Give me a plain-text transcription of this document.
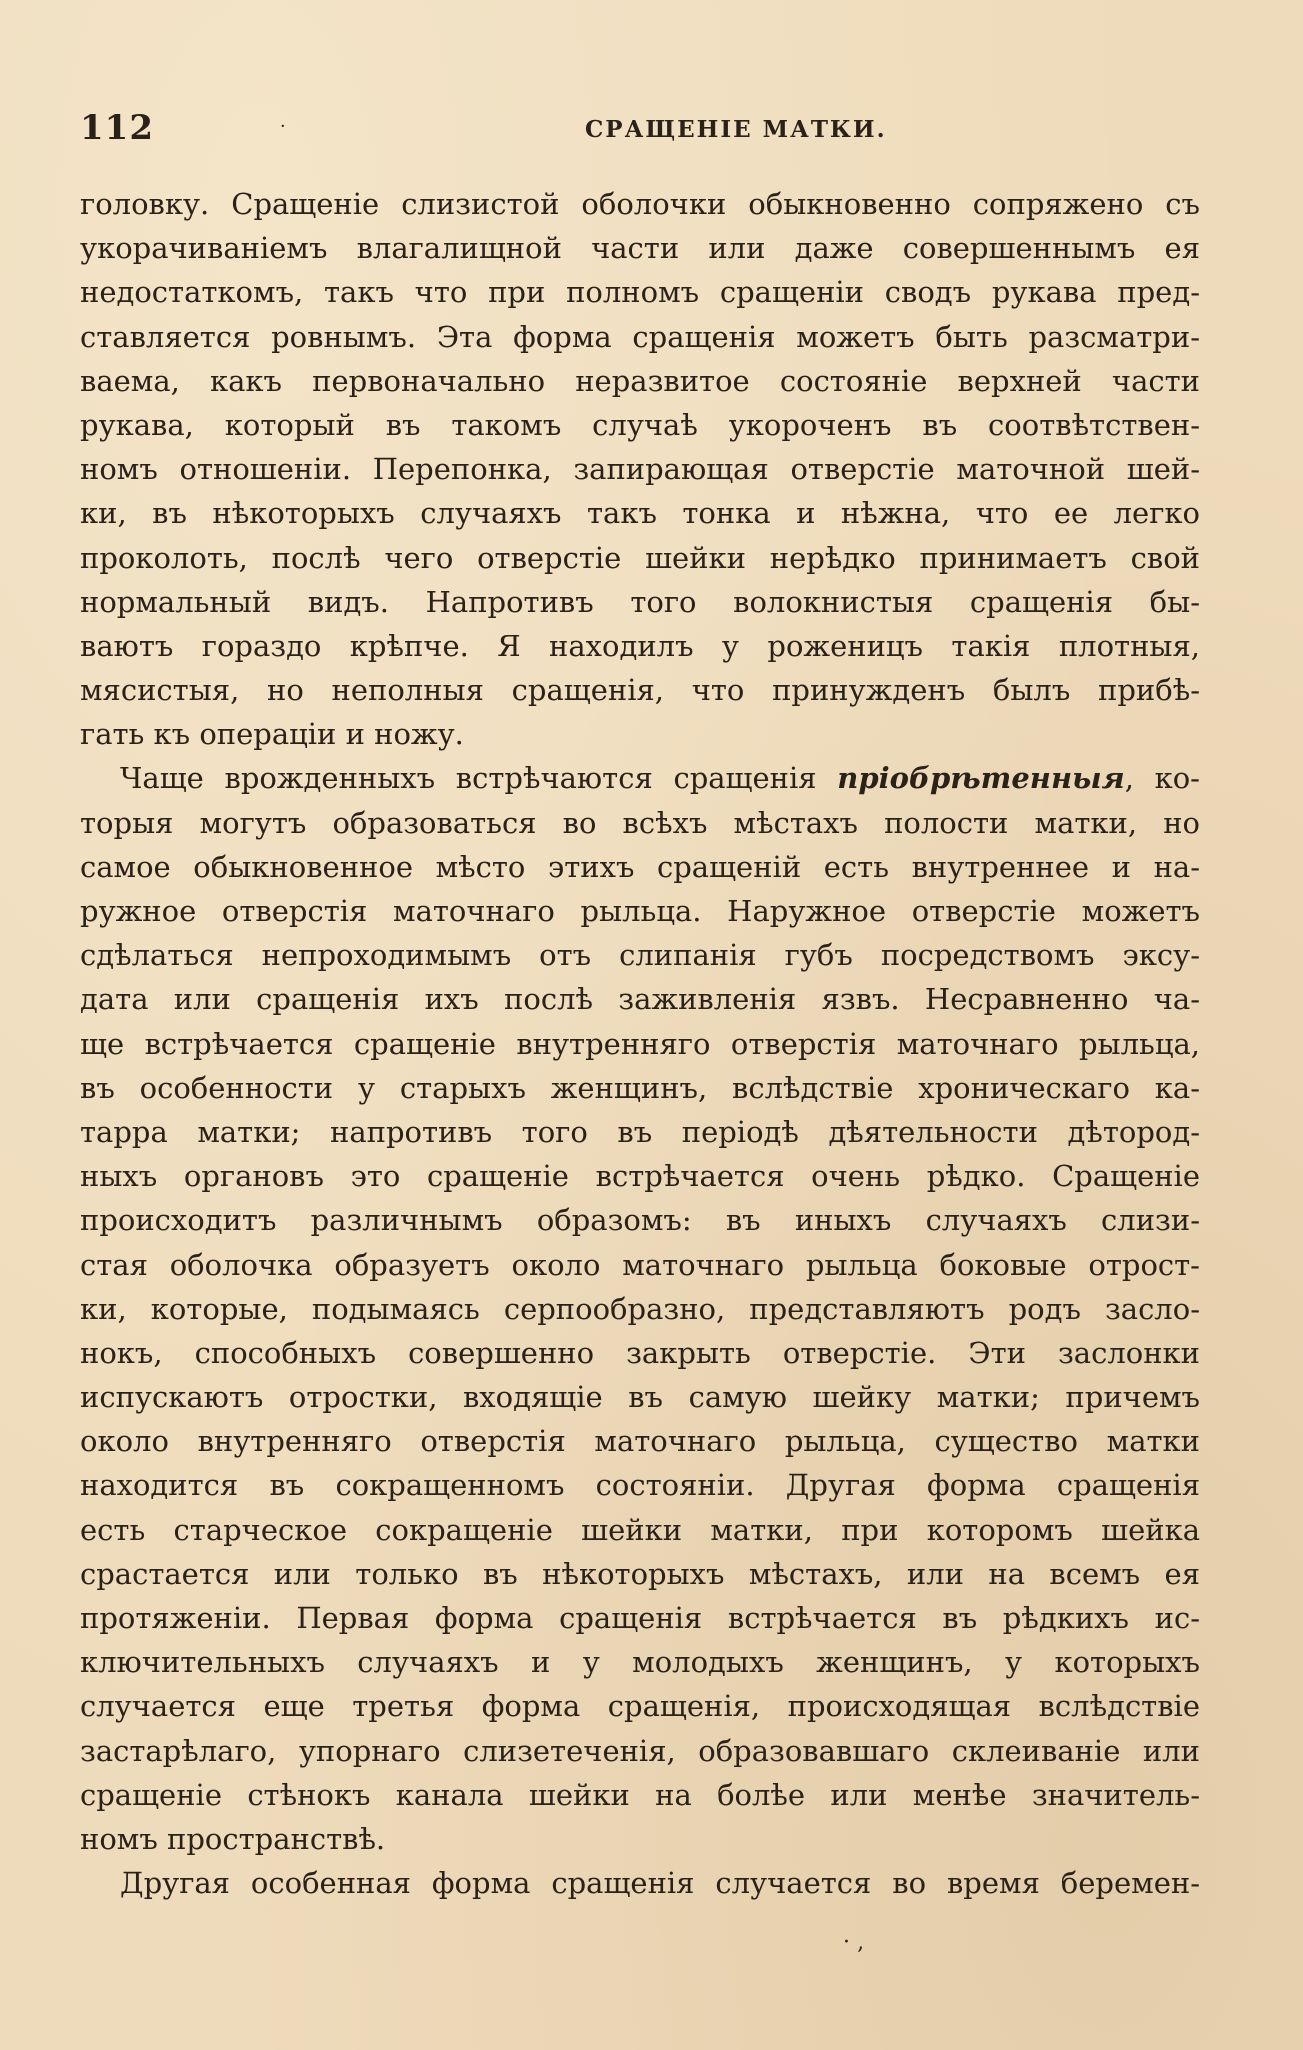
112	·	СРАЩЕНІЕ МАТКИ.

головку. Сращеніе слизистой оболочки обыкновенно сопряжено съ
укорачиваніемъ влагалищной части или даже совершеннымъ ея
недостаткомъ, такъ что при полномъ сращеніи сводъ рукава пред-
ставляется ровнымъ. Эта форма сращенія можетъ быть разсматри-
ваема, какъ первоначально неразвитое состояніе верхней части
рукава, который въ такомъ случаѣ укороченъ въ соотвѣтствен-
номъ отношеніи. Перепонка, запирающая отверстіе маточной шей-
ки, въ нѣкоторыхъ случаяхъ такъ тонка и нѣжна, что ее легко
проколоть, послѣ чего отверстіе шейки нерѣдко принимаетъ свой
нормальный видъ. Напротивъ того волокнистыя сращенія бы-
ваютъ гораздо крѣпче. Я находилъ у роженицъ такія плотныя,
мясистыя, но неполныя сращенія, что принужденъ былъ прибѣ-
гать къ операціи и ножу.

Чаще врожденныхъ встрѣчаются сращенія пріобрѣтенныя, ко-
торыя могутъ образоваться во всѣхъ мѣстахъ полости матки, но
самое обыкновенное мѣсто этихъ сращеній есть внутреннее и на-
ружное отверстія маточнаго рыльца. Наружное отверстіе можетъ
сдѣлаться непроходимымъ отъ слипанія губъ посредствомъ эксу-
дата или сращенія ихъ послѣ заживленія язвъ. Несравненно ча-
ще встрѣчается сращеніе внутренняго отверстія маточнаго рыльца,
въ особенности у старыхъ женщинъ, вслѣдствіе хроническаго ка-
тарра матки; напротивъ того въ періодѣ дѣятельности дѣтород-
ныхъ органовъ это сращеніе встрѣчается очень рѣдко. Сращеніе
происходитъ различнымъ образомъ: въ иныхъ случаяхъ слизи-
стая оболочка образуетъ около маточнаго рыльца боковые отрост-
ки, которые, подымаясь серпообразно, представляютъ родъ засло-
нокъ, способныхъ совершенно закрыть отверстіе. Эти заслонки
испускаютъ отростки, входящіе въ самую шейку матки; причемъ
около внутренняго отверстія маточнаго рыльца, существо матки
находится въ сокращенномъ состояніи. Другая форма сращенія
есть старческое сокращеніе шейки матки, при которомъ шейка
срастается или только въ нѣкоторыхъ мѣстахъ, или на всемъ ея
протяженіи. Первая форма сращенія встрѣчается въ рѣдкихъ ис-
ключительныхъ случаяхъ и у молодыхъ женщинъ, у которыхъ
случается еще третья форма сращенія, происходящая вслѣдствіе
застарѣлаго, упорнаго слизетеченія, образовавшаго склеиваніе или
сращеніе стѣнокъ канала шейки на болѣе или менѣе значитель-
номъ пространствѣ.

Другая особенная форма сращенія случается во время беремен-

· ‚
